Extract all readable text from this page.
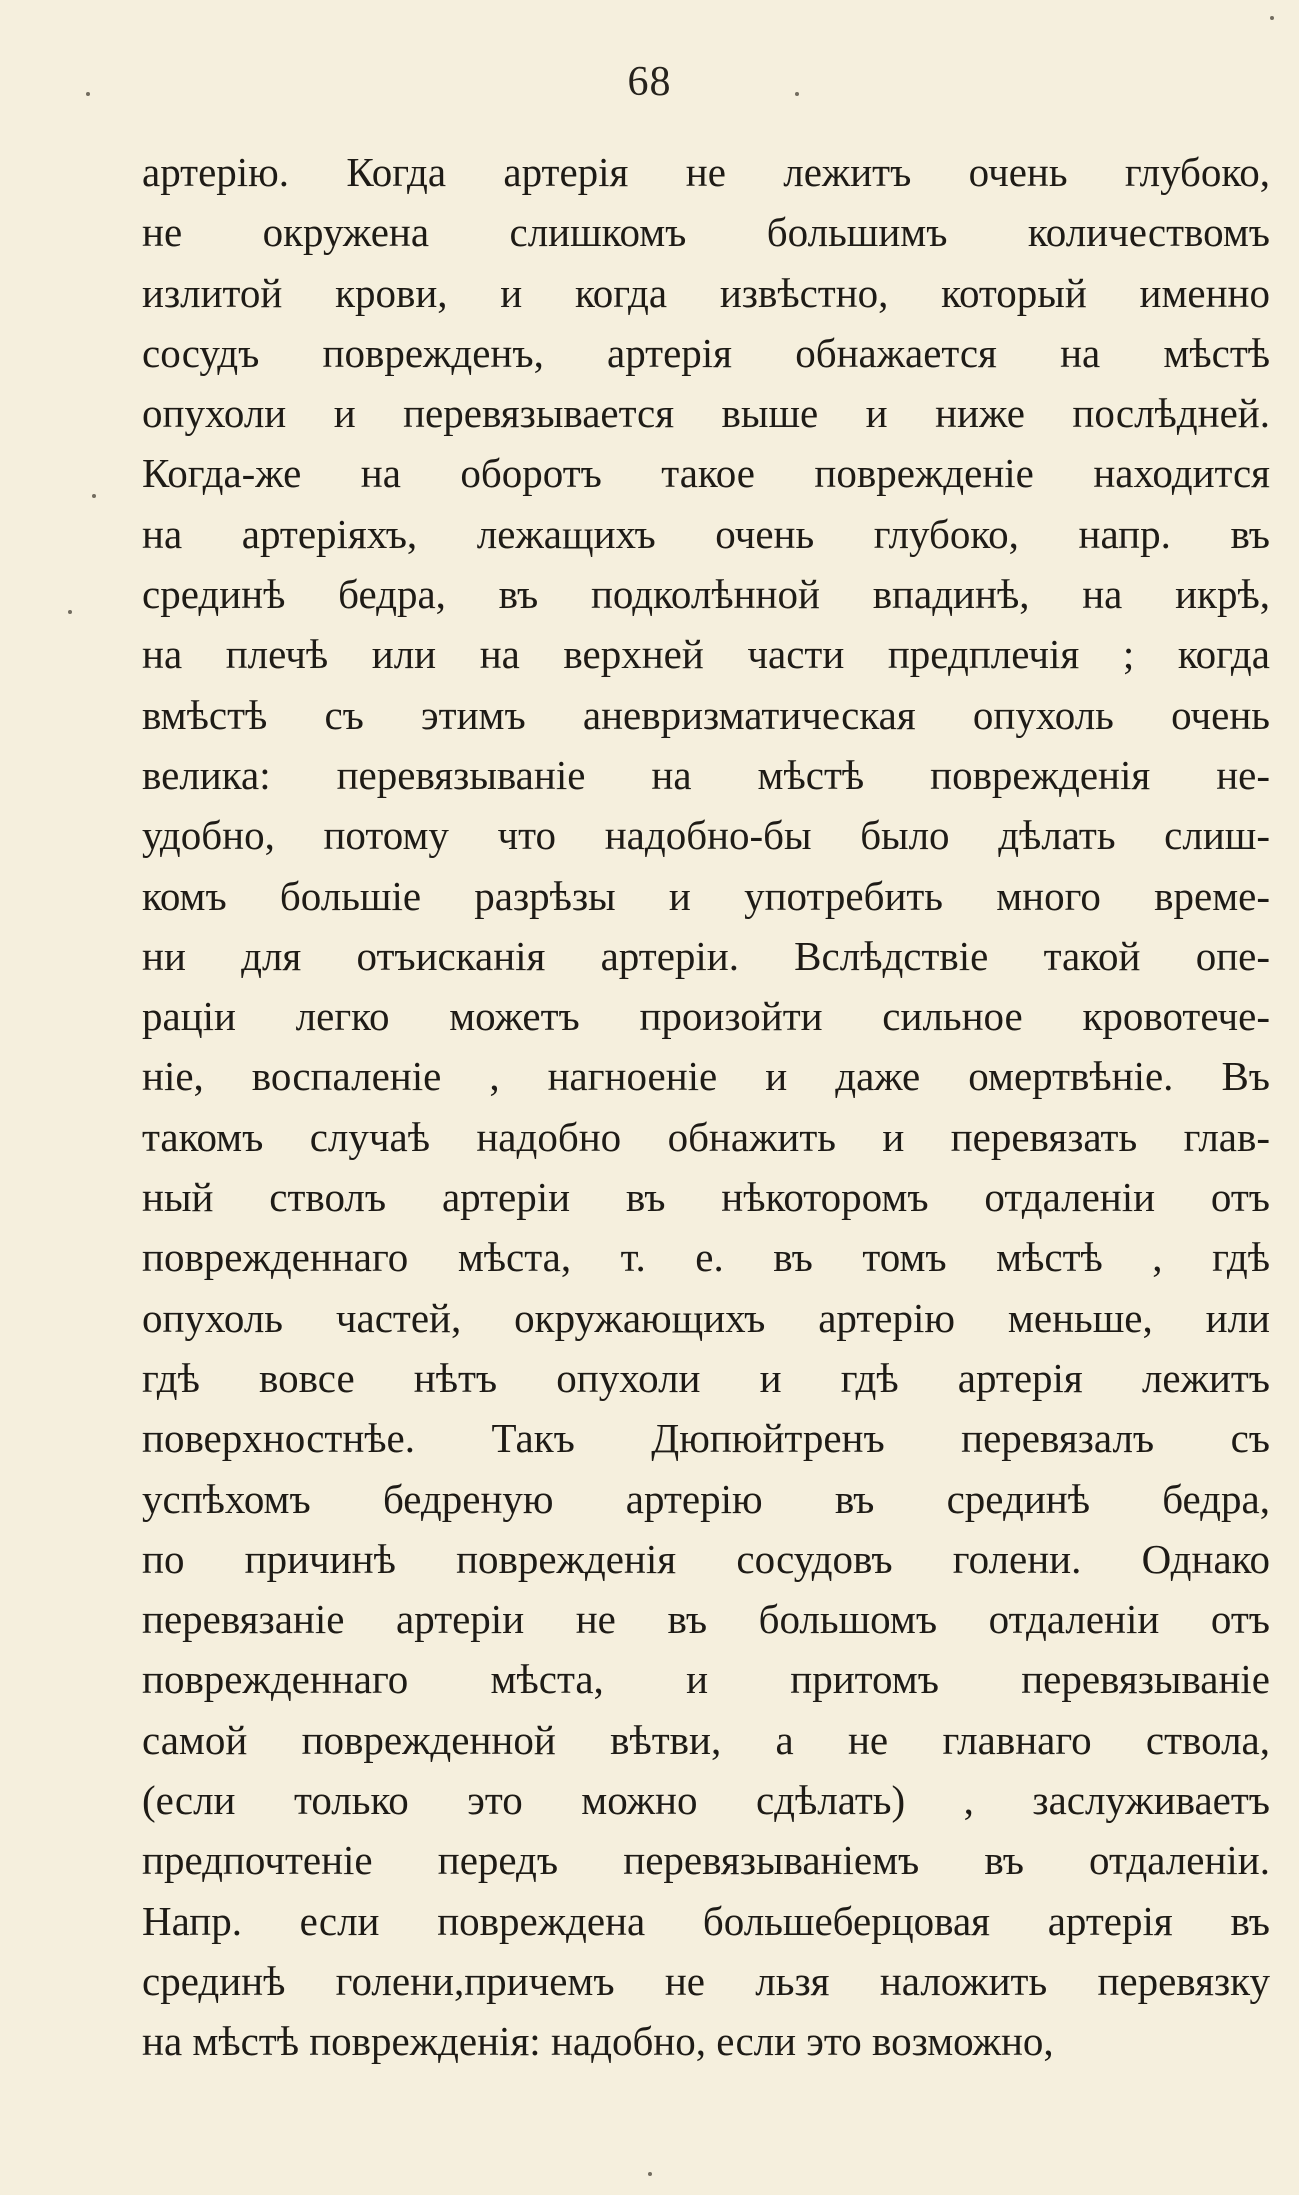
68
артерію. Когда артерія не лежитъ очень глубоко,
не окружена слишкомъ большимъ количествомъ
излитой крови, и когда извѣстно, который именно
сосудъ поврежденъ, артерія обнажается на мѣстѣ
опухоли и перевязывается выше и ниже послѣдней.
Когда-же на оборотъ такое поврежденіе находится
на артеріяхъ, лежащихъ очень глубоко, напр. въ
срединѣ бедра, въ подколѣнной впадинѣ, на икрѣ,
на плечѣ или на верхней части предплечія ; когда
вмѣстѣ съ этимъ аневризматическая опухоль очень
велика: перевязываніе на мѣстѣ поврежденія не-
удобно, потому что надобно-бы было дѣлать слиш-
комъ большіе разрѣзы и употребить много време-
ни для отъисканія артеріи. Вслѣдствіе такой опе-
раціи легко можетъ произойти сильное кровотече-
ніе, воспаленіе , нагноеніе и даже омертвѣніе. Въ
такомъ случаѣ надобно обнажить и перевязать глав-
ный стволъ артеріи въ нѣкоторомъ отдаленіи отъ
поврежденнаго мѣста, т. е. въ томъ мѣстѣ , гдѣ
опухоль частей, окружающихъ артерію меньше, или
гдѣ вовсе нѣтъ опухоли и гдѣ артерія лежитъ
поверхностнѣе. Такъ Дюпюйтренъ перевязалъ съ
успѣхомъ бедреную артерію въ срединѣ бедра,
по причинѣ поврежденія сосудовъ голени. Однако
перевязаніе артеріи не въ большомъ отдаленіи отъ
поврежденнаго мѣста, и притомъ перевязываніе
самой поврежденной вѣтви, а не главнаго ствола,
(если только это можно сдѣлать) , заслуживаетъ
предпочтеніе передъ перевязываніемъ въ отдаленіи.
Напр. если повреждена большеберцовая артерія въ
срединѣ голени,причемъ не льзя наложить перевязку
на мѣстѣ поврежденія: надобно, если это возможно,
